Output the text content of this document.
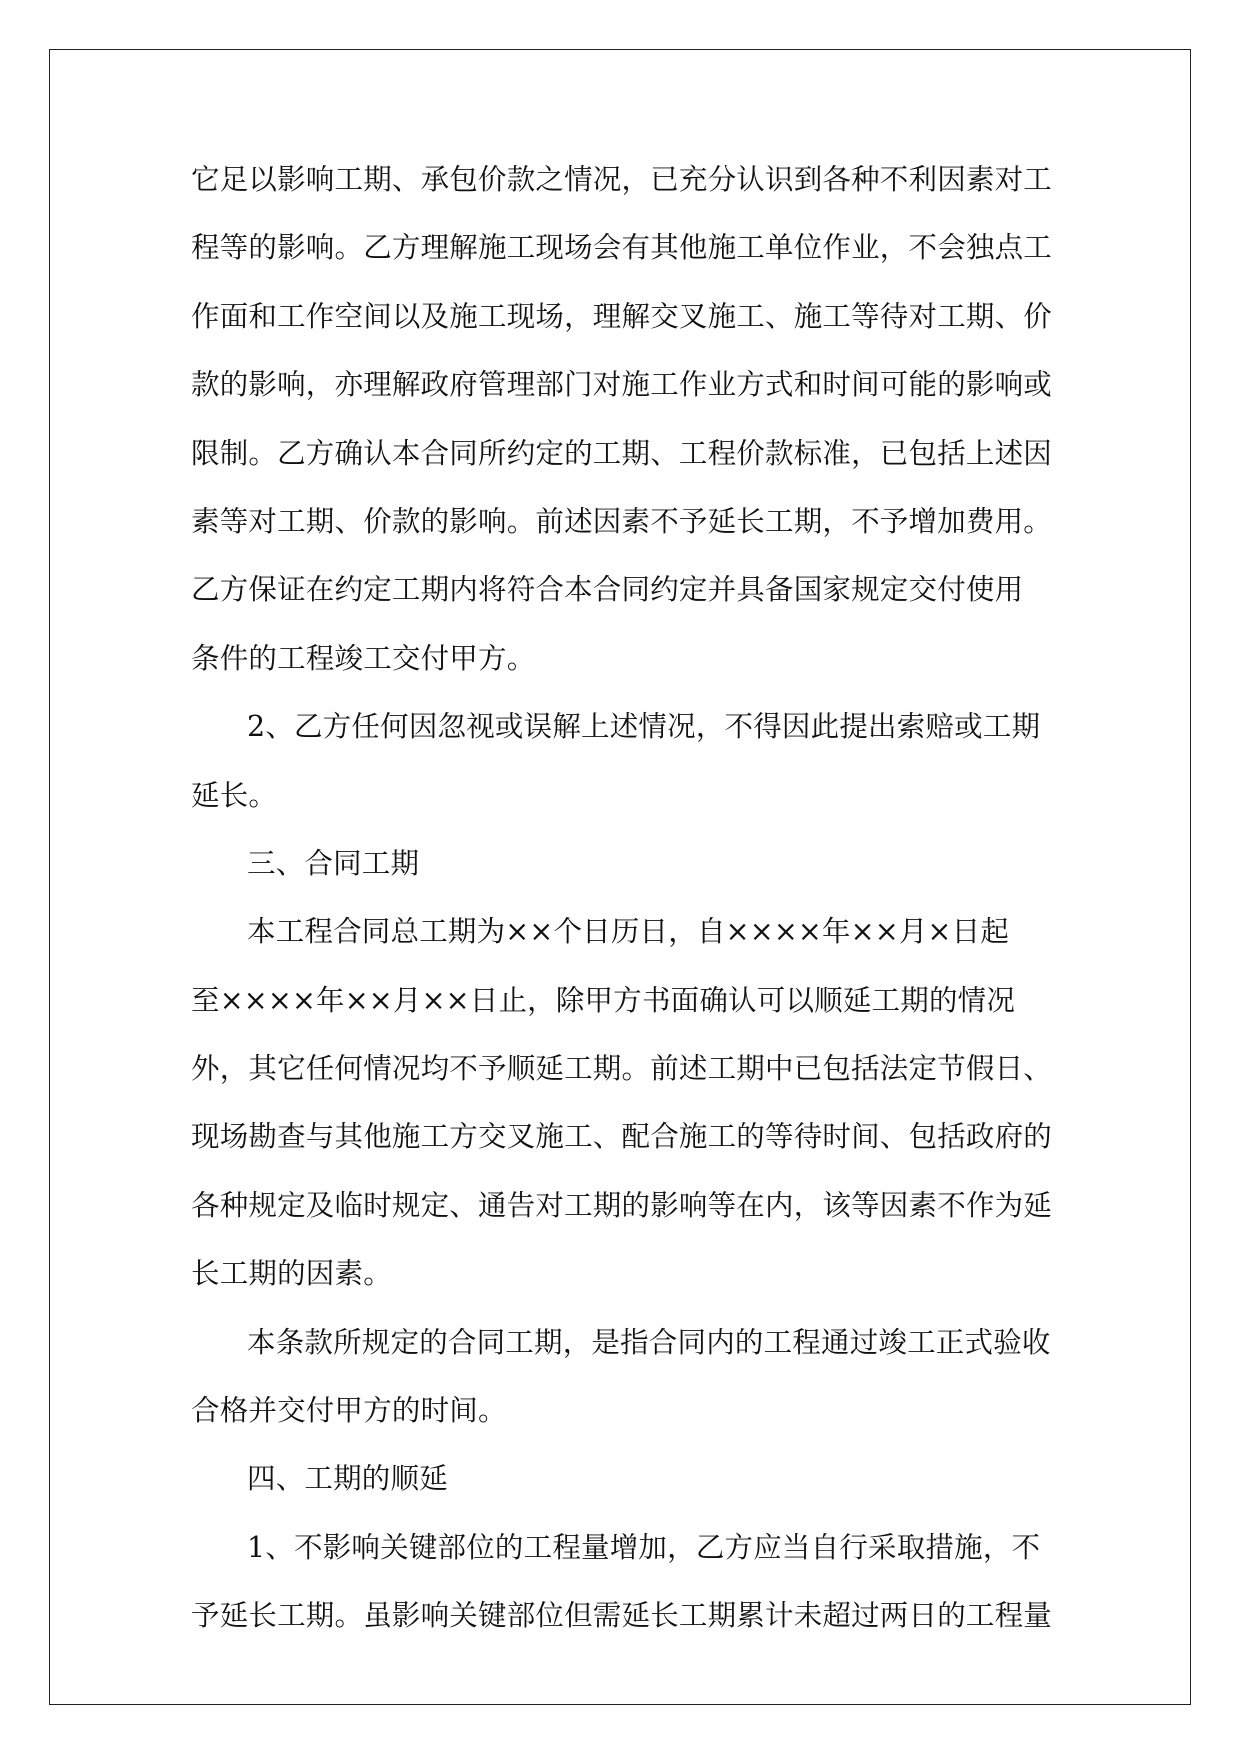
它足以影响工期、承包价款之情况，已充分认识到各种不利因素对工
程等的影响。乙方理解施工现场会有其他施工单位作业，不会独点工
作面和工作空间以及施工现场，理解交叉施工、施工等待对工期、价
款的影响，亦理解政府管理部门对施工作业方式和时间可能的影响或
限制。乙方确认本合同所约定的工期、工程价款标准，已包括上述因
素等对工期、价款的影响。前述因素不予延长工期，不予增加费用。
乙方保证在约定工期内将符合本合同约定并具备国家规定交付使用
条件的工程竣工交付甲方。
2、乙方任何因忽视或误解上述情况，不得因此提出索赔或工期
延长。
三、合同工期
本工程合同总工期为××个日历日，自××××年××月×日起
至××××年××月××日止，除甲方书面确认可以顺延工期的情况
外，其它任何情况均不予顺延工期。前述工期中已包括法定节假日、
现场勘查与其他施工方交叉施工、配合施工的等待时间、包括政府的
各种规定及临时规定、通告对工期的影响等在内，该等因素不作为延
长工期的因素。
本条款所规定的合同工期，是指合同内的工程通过竣工正式验收
合格并交付甲方的时间。
四、工期的顺延
1、不影响关键部位的工程量增加，乙方应当自行采取措施，不
予延长工期。虽影响关键部位但需延长工期累计未超过两日的工程量
